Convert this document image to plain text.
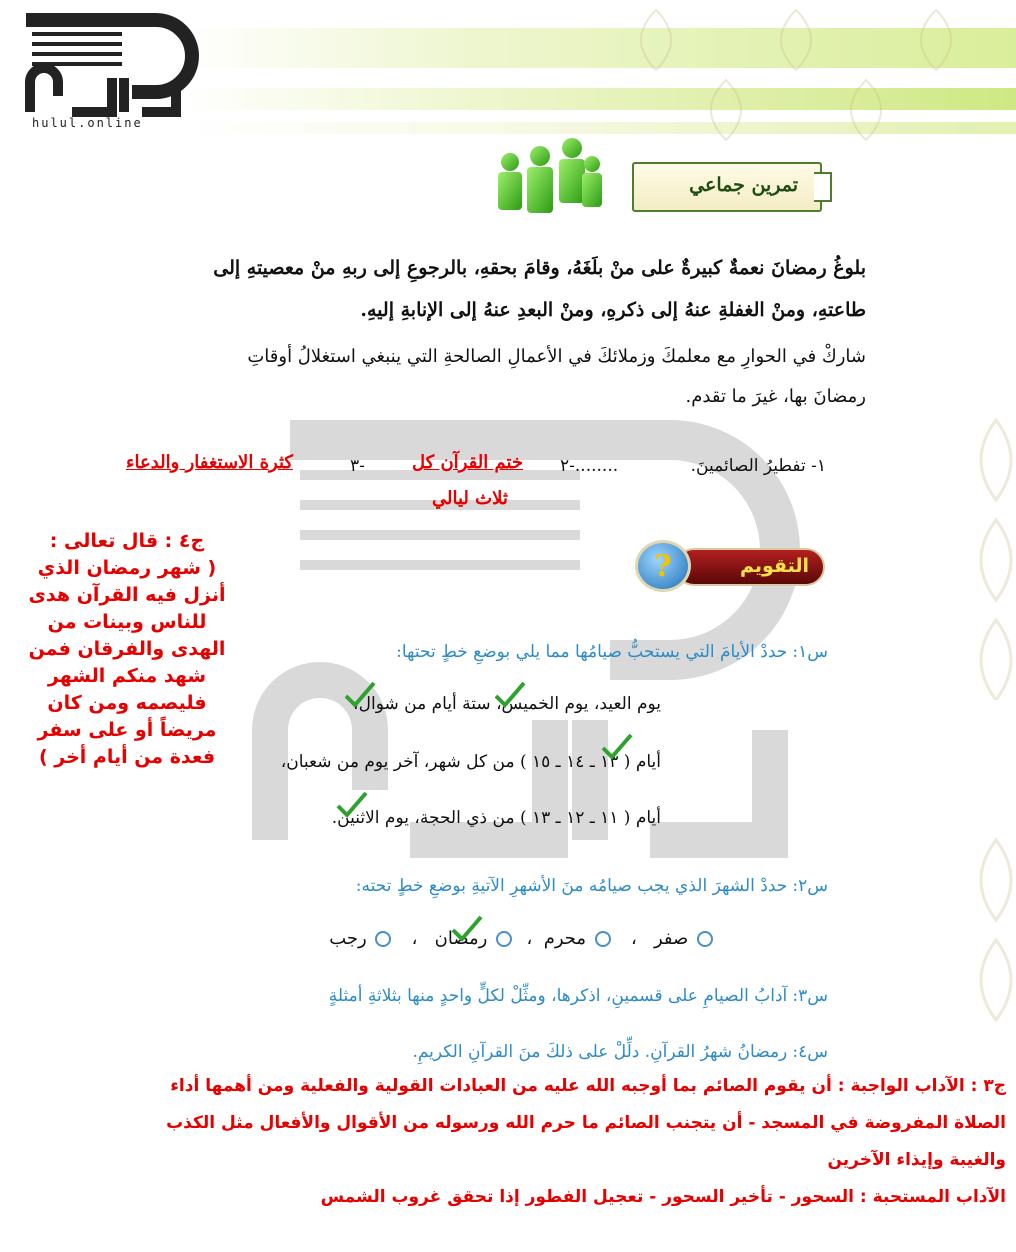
hulul.online
تمرين جماعي
بلوغُ رمضانَ نعمةٌ كبيرةٌ على منْ بلَغَهُ، وقامَ بحقهِ، بالرجوعِ إلى ربهِ منْ معصيتهِ إلى
طاعتهِ، ومنْ الغفلةِ عنهُ إلى ذكرهِ، ومنْ البعدِ عنهُ إلى الإنابةِ إليهِ.
شاركْ في الحوارِ مع معلمكَ وزملائكَ في الأعمالِ الصالحةِ التي ينبغي استغلالُ أوقاتِ
رمضانَ بها، غيرَ ما تقدم.
١- تفطيرُ الصائمينَ.
٢-........
ختم القرآن كل
ثلاث ليالي
٣-
كثرة الاستغفار والدعاء
التقويم
?
ج٤ : قال تعالى :
( شهر رمضان الذي
أنزل فيه القرآن هدى
للناس وبينات من
الهدى والفرقان فمن
شهد منكم الشهر
فليصمه ومن كان
مريضاً أو على سفر
فعدة من أيام أخر )
س١: حددْ الأيامَ التي يستحبُّ صيامُها مما يلي بوضعِ خطٍ تحتها:
يوم العيد، يوم الخميس، ستة أيام من شوال،
أيام ( ١٣ ـ ١٤ ـ ١٥ ) من كل شهر، آخر يوم من شعبان،
أيام ( ١١ ـ ١٢ ـ ١٣ ) من ذي الحجة، يوم الاثنين.
س٢: حددْ الشهرَ الذي يجب صيامُه منَ الأشهرِ الآتيةِ بوضعِ خطٍ تحته:
صفر   ،    محرم  ،   رمضان   ،    رجب
س٣: آدابُ الصيامِ على قسمينِ، اذكرها، ومثِّلْ لكلٍّ واحدٍ منها بثلاثةِ أمثلةٍ
س٤: رمضانُ شهرُ القرآنِ. دلِّلْ على ذلكَ منَ القرآنِ الكريمِ.
ج٣ : الآداب الواجبة : أن يقوم الصائم بما أوجبه الله عليه من العبادات القولية والفعلية ومن أهمها أداء
الصلاة المفروضة في المسجد - أن يتجنب الصائم ما حرم الله ورسوله من الأقوال والأفعال مثل الكذب
والغيبة وإيذاء الآخرين
الآداب المستحبة : السحور - تأخير السحور - تعجيل الفطور إذا تحقق غروب الشمس
